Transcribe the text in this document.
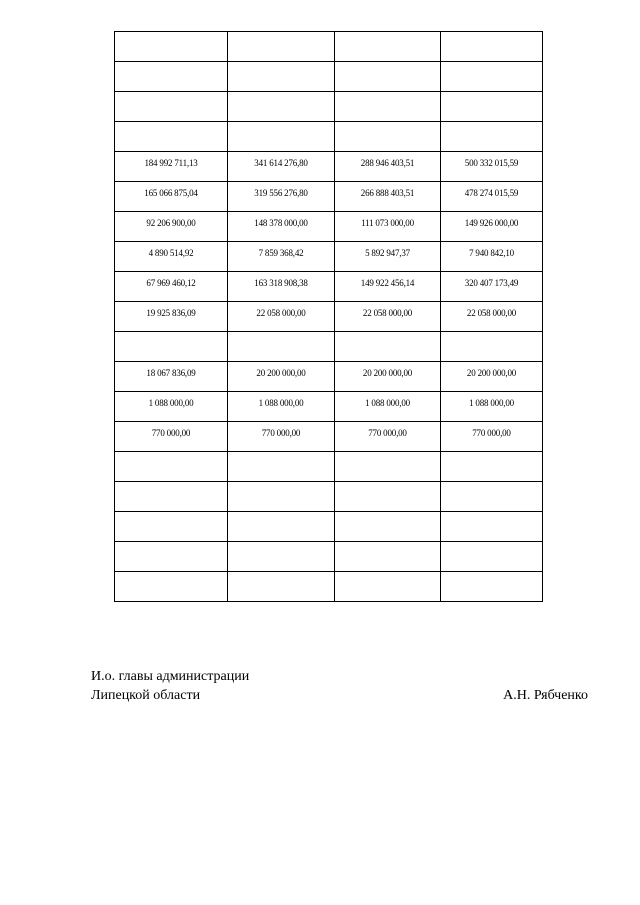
184 992 711,13	341 614 276,80	288 946 403,51	500 332 015,59

165 066 875,04	319 556 276,80	266 888 403,51	478 274 015,59

92 206 900,00	148 378 000,00	111 073 000,00	149 926 000,00

4 890 514,92	7 859 368,42	5 892 947,37	7 940 842,10

67 969 460,12	163 318 908,38	149 922 456,14	320 407 173,49

19 925 836,09	22 058 000,00	22 058 000,00	22 058 000,00

18 067 836,09	20 200 000,00	20 200 000,00	20 200 000,00

1 088 000,00	1 088 000,00	1 088 000,00	1 088 000,00

770 000,00	770 000,00	770 000,00	770 000,00

И.о. главы администрации
Липецкой области	А.Н. Рябченко
